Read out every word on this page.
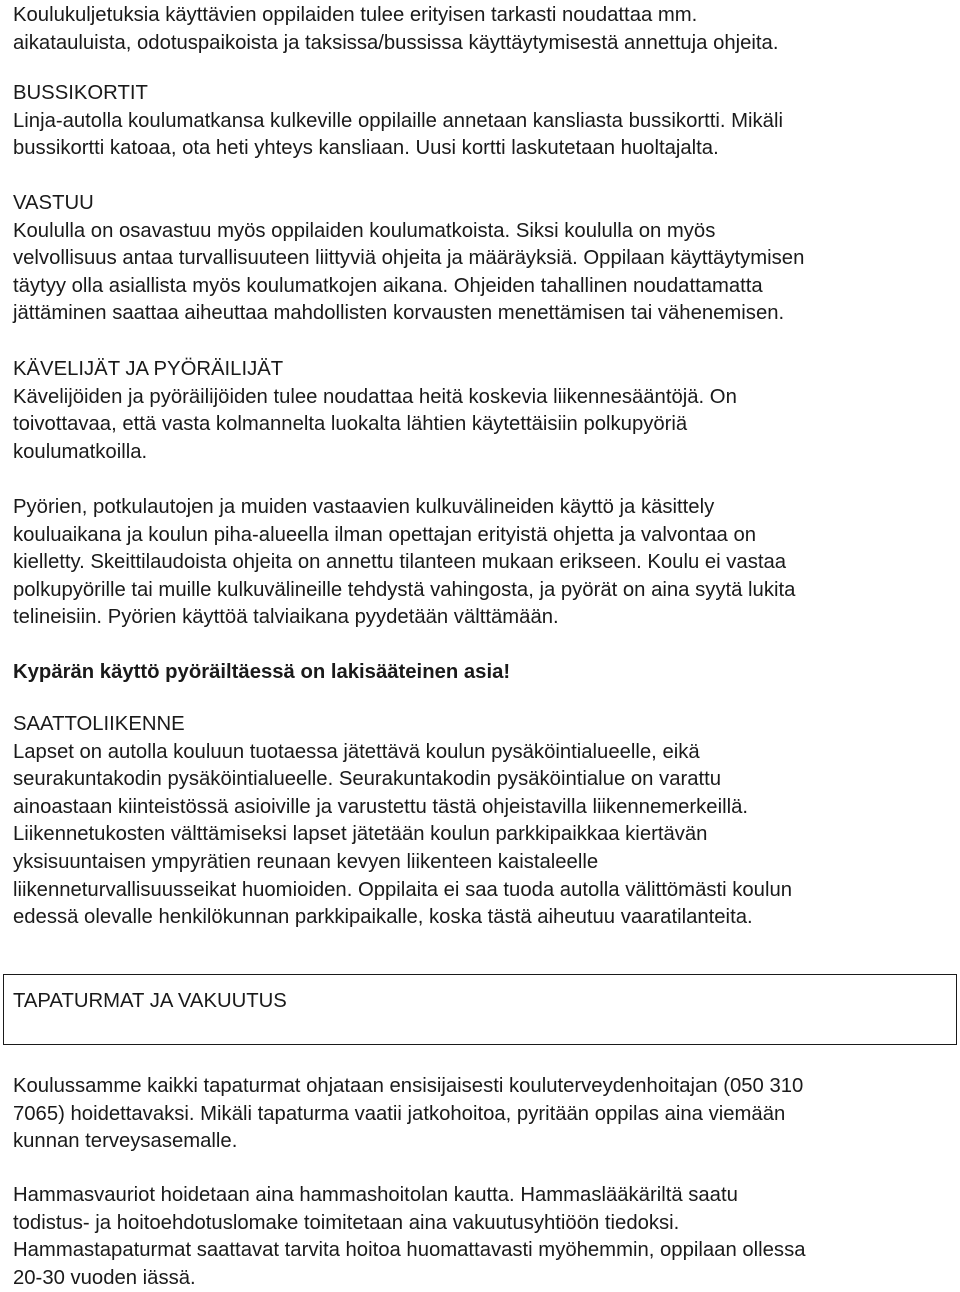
Koulukuljetuksia käyttävien oppilaiden tulee erityisen tarkasti noudattaa mm.
aikatauluista, odotuspaikoista ja taksissa/bussissa käyttäytymisestä annettuja ohjeita.
BUSSIKORTIT
Linja-autolla koulumatkansa kulkeville oppilaille annetaan kansliasta bussikortti. Mikäli
bussikortti katoaa, ota heti yhteys kansliaan. Uusi kortti laskutetaan huoltajalta.
VASTUU
Koululla on osavastuu myös oppilaiden koulumatkoista. Siksi koululla on myös
velvollisuus antaa turvallisuuteen liittyviä ohjeita ja määräyksiä. Oppilaan käyttäytymisen
täytyy olla asiallista myös koulumatkojen aikana. Ohjeiden tahallinen noudattamatta
jättäminen saattaa aiheuttaa mahdollisten korvausten menettämisen tai vähenemisen.
KÄVELIJÄT JA PYÖRÄILIJÄT
Kävelijöiden ja pyöräilijöiden tulee noudattaa heitä koskevia liikennesääntöjä. On
toivottavaa, että vasta kolmannelta luokalta lähtien käytettäisiin polkupyöriä
koulumatkoilla.
Pyörien, potkulautojen ja muiden vastaavien kulkuvälineiden käyttö ja käsittely
kouluaikana ja koulun piha-alueella ilman opettajan erityistä ohjetta ja valvontaa on
kielletty. Skeittilaudoista ohjeita on annettu tilanteen mukaan erikseen. Koulu ei vastaa
polkupyörille tai muille kulkuvälineille tehdystä vahingosta, ja pyörät on aina syytä lukita
telineisiin. Pyörien käyttöä talviaikana pyydetään välttämään.
Kypärän käyttö pyöräiltäessä on lakisääteinen asia!
SAATTOLIIKENNE
Lapset on autolla kouluun tuotaessa jätettävä koulun pysäköintialueelle, eikä
seurakuntakodin pysäköintialueelle. Seurakuntakodin pysäköintialue on varattu
ainoastaan kiinteistössä asioiville ja varustettu tästä ohjeistavilla liikennemerkeillä.
Liikennetukosten välttämiseksi lapset jätetään koulun parkkipaikkaa kiertävän
yksisuuntaisen ympyrätien reunaan kevyen liikenteen kaistaleelle
liikenneturvallisuusseikat huomioiden. Oppilaita ei saa tuoda autolla välittömästi koulun
edessä olevalle henkilökunnan parkkipaikalle, koska tästä aiheutuu vaaratilanteita.
Koulussamme kaikki tapaturmat ohjataan ensisijaisesti kouluterveydenhoitajan (050 310
7065) hoidettavaksi. Mikäli tapaturma vaatii jatkohoitoa, pyritään oppilas aina viemään
kunnan terveysasemalle.
Hammasvauriot hoidetaan aina hammashoitolan kautta. Hammaslääkäriltä saatu
todistus- ja hoitoehdotuslomake toimitetaan aina vakuutusyhtiöön tiedoksi.
Hammastapaturmat saattavat tarvita hoitoa huomattavasti myöhemmin, oppilaan ollessa
20-30 vuoden iässä.
TAPATURMAT JA VAKUUTUS
